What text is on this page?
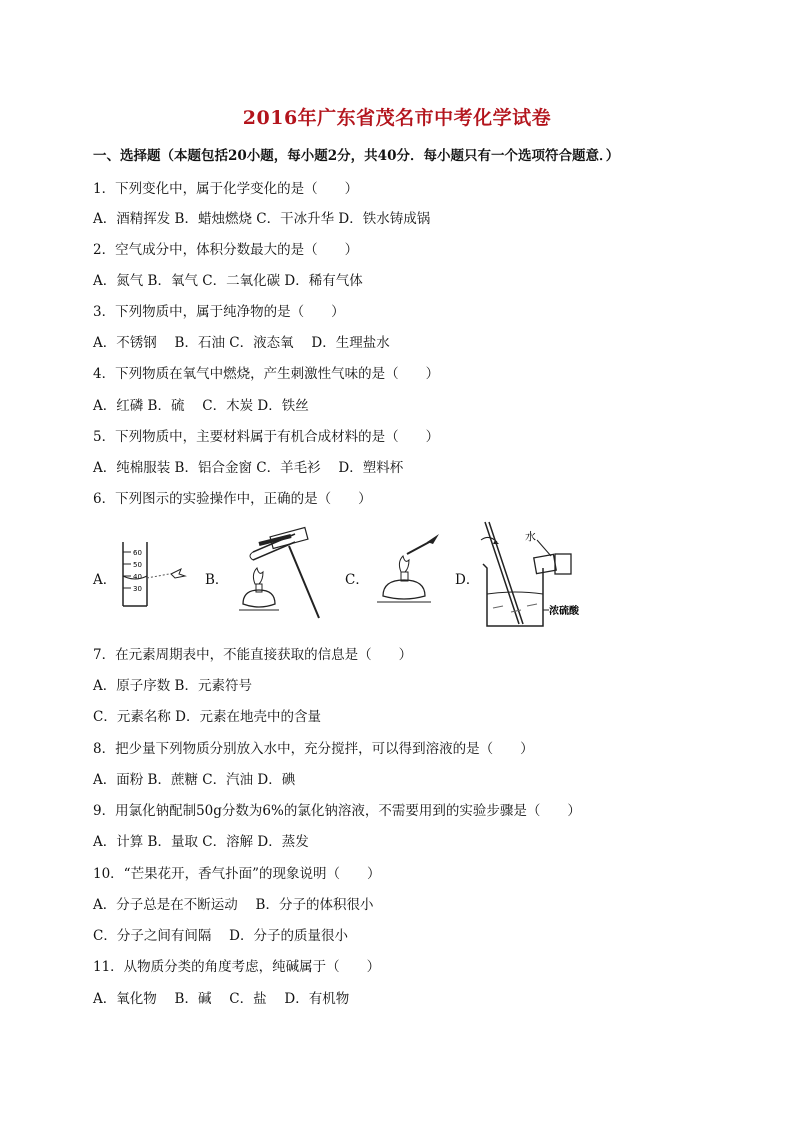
2016年广东省茂名市中考化学试卷
一、选择题（本题包括20小题，每小题2分，共40分．每小题只有一个选项符合题意．）
1．下列变化中，属于化学变化的是（　　）
A．酒精挥发 B．蜡烛燃烧 C．干冰升华 D．铁水铸成锅
2．空气成分中，体积分数最大的是（　　）
A．氮气 B．氧气 C．二氧化碳 D．稀有气体
3．下列物质中，属于纯净物的是（　　）
A．不锈钢　 B．石油 C．液态氧　 D．生理盐水
4．下列物质在氧气中燃烧，产生刺激性气味的是（　　）
A．红磷 B．硫　 C．木炭 D．铁丝
5．下列物质中，主要材料属于有机合成材料的是（　　）
A．纯棉服装 B．铝合金窗 C．羊毛衫　 D．塑料杯
6．下列图示的实验操作中，正确的是（　　）
A．
60
50
40
30
B．	C．	D．
水
浓硫酸
7．在元素周期表中，不能直接获取的信息是（　　）
A．原子序数 B．元素符号
C．元素名称 D．元素在地壳中的含量
8．把少量下列物质分别放入水中，充分搅拌，可以得到溶液的是（　　）
A．面粉 B．蔗糖 C．汽油 D．碘
9．用氯化钠配制50g分数为6%的氯化钠溶液，不需要用到的实验步骤是（　　）
A．计算 B．量取 C．溶解 D．蒸发
10．“芒果花开，香气扑面”的现象说明（　　）
A．分子总是在不断运动　 B．分子的体积很小
C．分子之间有间隔　 D．分子的质量很小
11．从物质分类的角度考虑，纯碱属于（　　）
A．氧化物　 B．碱　 C．盐　 D．有机物
